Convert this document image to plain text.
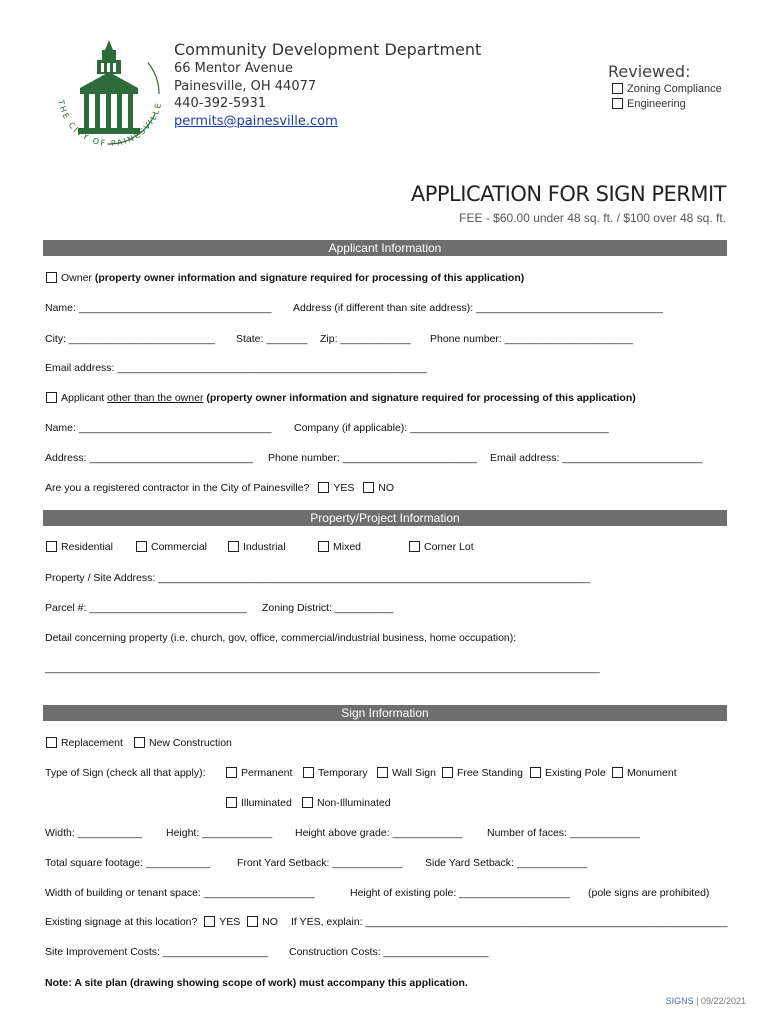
THE CITY OF PAINESVILLE
Community Development Department
66 Mentor Avenue
Painesville, OH 44077
440-392-5931
permits@painesville.com
Reviewed:
Zoning Compliance
Engineering
APPLICATION FOR SIGN PERMIT
FEE - $60.00 under 48 sq. ft. / $100 over 48 sq. ft.
Applicant Information
Owner (property owner information and signature required for processing of this application)
Name: _________________________________ Address (if different than site address): ________________________________
City: _________________________ State: _______ Zip: ____________ Phone number: ______________________
Email address: _____________________________________________________
Applicant other than the owner (property owner information and signature required for processing of this application)
Name: _________________________________ Company (if applicable): __________________________________
Address: ____________________________ Phone number: _______________________ Email address: ________________________
Are you a registered contractor in the City of Painesville? YES NO
Property/Project Information
Residential	Commercial	Industrial	Mixed	Corner Lot
Property / Site Address: __________________________________________________________________________
Parcel #: ___________________________ Zoning District: __________
Detail concerning property (i.e. church, gov, office, commercial/industrial business, home occupation):
_______________________________________________________________________________________________
Sign Information
Replacement	New Construction
Type of Sign (check all that apply):	Permanent	Temporary	Wall Sign	Free Standing	Existing Pole	Monument
Illuminated	Non-Illuminated
Width: ___________ Height: ____________ Height above grade: ____________ Number of faces: ____________
Total square footage: ___________	Front Yard Setback: ____________ Side Yard Setback: ____________
Width of building or tenant space: ___________________	Height of existing pole: ___________________ (pole signs are prohibited)
Existing signage at this location? YES NO If YES, explain: ______________________________________________________________
Site Improvement Costs: __________________ Construction Costs: __________________
Note: A site plan (drawing showing scope of work) must accompany this application.
SIGNS | 09/22/2021
